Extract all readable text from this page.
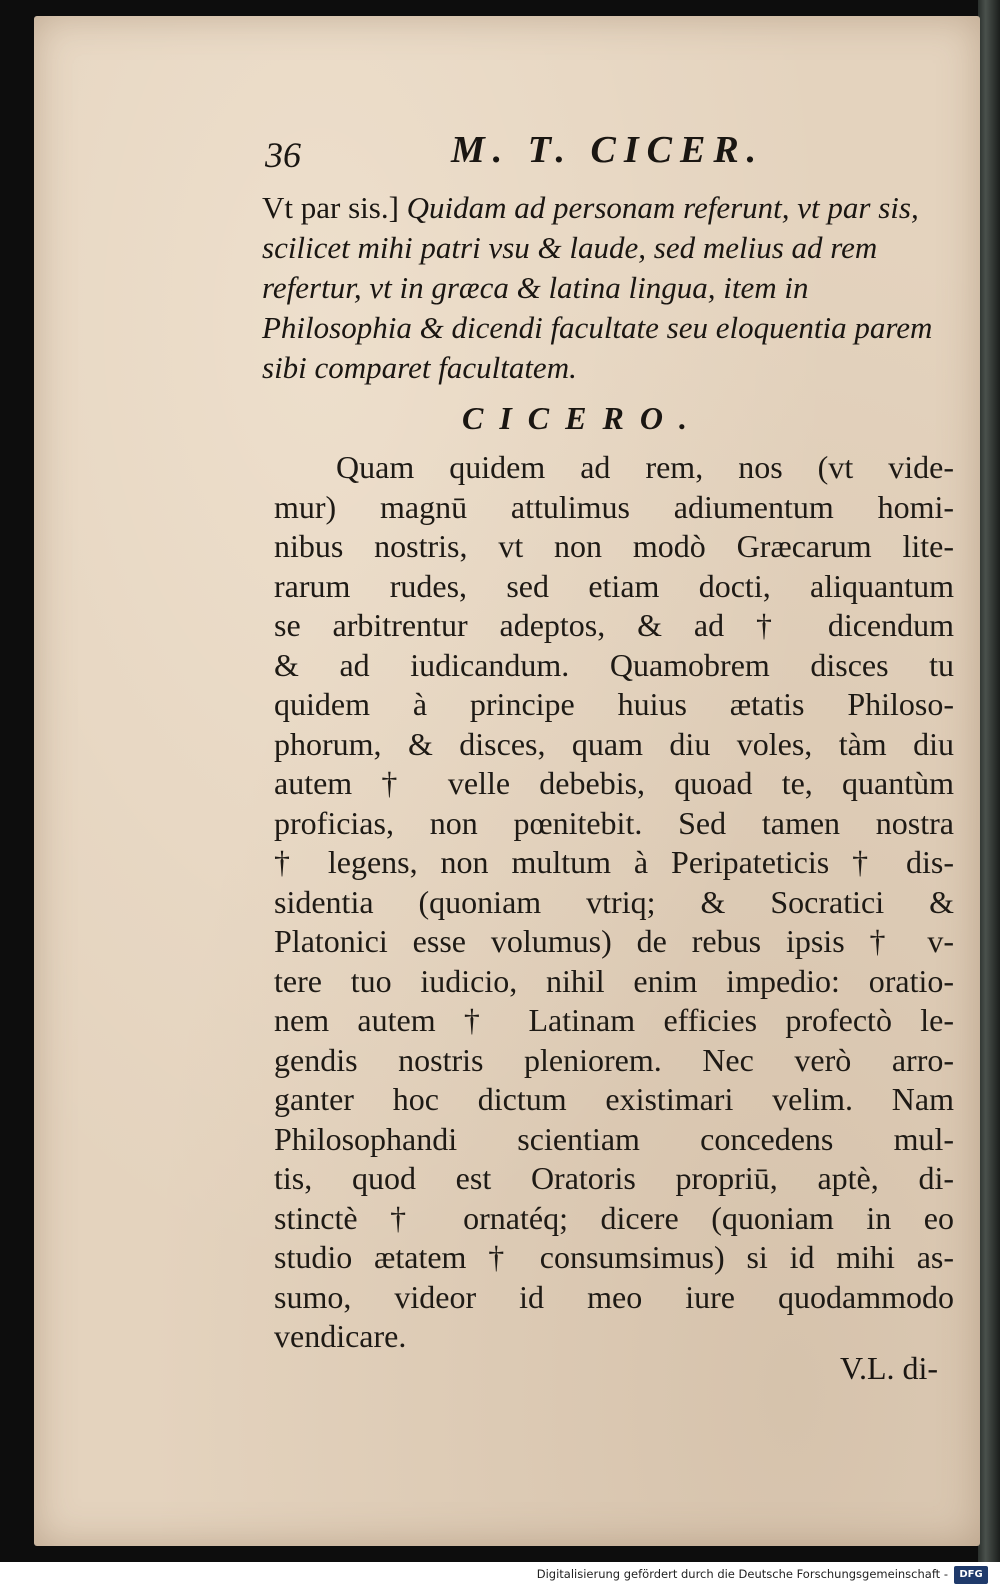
36	M. T. CICER.

Vt par sis.] Quidam ad personam referunt, vt par sis, scilicet mihi patri vsu & laude, sed melius ad rem refertur, vt in græca & latina lingua, item in Philosophia & dicendi facultate seu eloquentia parem sibi comparet facultatem.

CICERO.

Quam quidem ad rem, nos (vt vide-
mur) magnū attulimus adiumentum homi-
nibus nostris, vt non modò Græcarum lite-
rarum rudes, sed etiam docti, aliquantum
se arbitrentur adeptos, & ad † dicendum
& ad iudicandum. Quamobrem disces tu
quidem à principe huius ætatis Philoso-
phorum, & disces, quam diu voles, tàm diu
autem † velle debebis, quoad te, quantùm
proficias, non pœnitebit. Sed tamen nostra
† legens, non multum à Peripateticis † dis-
sidentia (quoniam vtriq; & Socratici &
Platonici esse volumus) de rebus ipsis † v-
tere tuo iudicio, nihil enim impedio: oratio-
nem autem † Latinam efficies profectò le-
gendis nostris pleniorem. Nec verò arro-
ganter hoc dictum existimari velim. Nam
Philosophandi scientiam concedens mul-
tis, quod est Oratoris propriū, aptè, di-
stinctè † ornatéq; dicere (quoniam in eo
studio ætatem † consumsimus) si id mihi as-
sumo, videor id meo iure quodammodo
vendicare.

V.L. di-
Digitalisierung gefördert durch die Deutsche Forschungsgemeinschaft -	DFG
